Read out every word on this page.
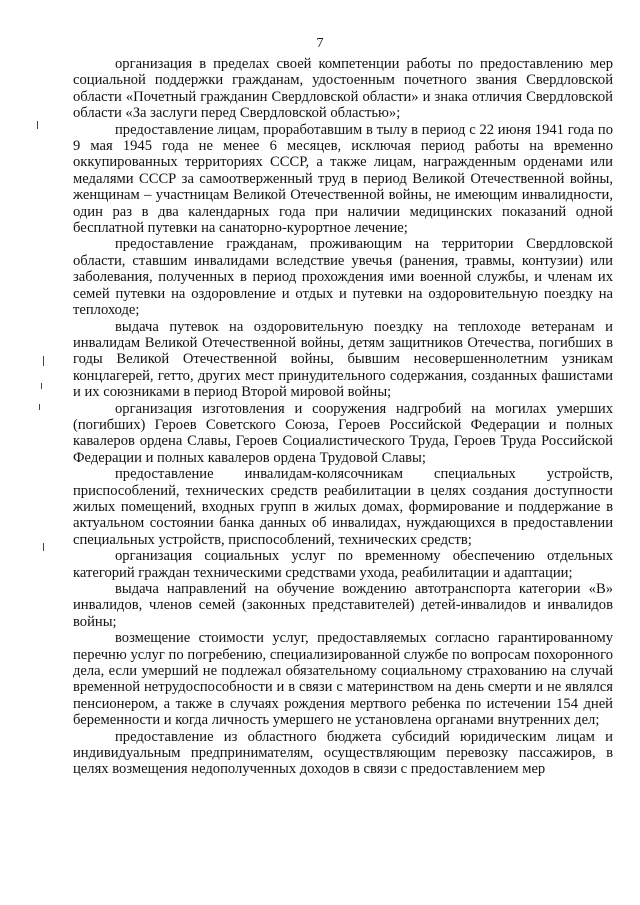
7

организация в пределах своей компетенции работы по предоставлению мер социальной поддержки гражданам, удостоенным почетного звания Свердловской области «Почетный гражданин Свердловской области» и знака отличия Свердловской области «За заслуги перед Свердловской областью»;

предоставление лицам, проработавшим в тылу в период с 22 июня 1941 года по 9 мая 1945 года не менее 6 месяцев, исключая период работы на временно оккупированных территориях СССР, а также лицам, награжденным орденами или медалями СССР за самоотверженный труд в период Великой Отечественной войны, женщинам – участницам Великой Отечественной войны, не имеющим инвалидности, один раз в два календарных года при наличии медицинских показаний одной бесплатной путевки на санаторно-курортное лечение;

предоставление гражданам, проживающим на территории Свердловской области, ставшим инвалидами вследствие увечья (ранения, травмы, контузии) или заболевания, полученных в период прохождения ими военной службы, и членам их семей путевки на оздоровление и отдых и путевки на оздоровительную поездку на теплоходе;

выдача путевок на оздоровительную поездку на теплоходе ветеранам и инвалидам Великой Отечественной войны, детям защитников Отечества, погибших в годы Великой Отечественной войны, бывшим несовершеннолетним узникам концлагерей, гетто, других мест принудительного содержания, созданных фашистами и их союзниками в период Второй мировой войны;

организация изготовления и сооружения надгробий на могилах умерших (погибших) Героев Советского Союза, Героев Российской Федерации и полных кавалеров ордена Славы, Героев Социалистического Труда, Героев Труда Российской Федерации и полных кавалеров ордена Трудовой Славы;

предоставление инвалидам-колясочникам специальных устройств, приспособлений, технических средств реабилитации в целях создания доступности жилых помещений, входных групп в жилых домах, формирование и поддержание в актуальном состоянии банка данных об инвалидах, нуждающихся в предоставлении специальных устройств, приспособлений, технических средств;

организация социальных услуг по временному обеспечению отдельных категорий граждан техническими средствами ухода, реабилитации и адаптации;

выдача направлений на обучение вождению автотранспорта категории «В» инвалидов, членов семей (законных представителей) детей-инвалидов и инвалидов войны;

возмещение стоимости услуг, предоставляемых согласно гарантированному перечню услуг по погребению, специализированной службе по вопросам похоронного дела, если умерший не подлежал обязательному социальному страхованию на случай временной нетрудоспособности и в связи с материнством на день смерти и не являлся пенсионером, а также в случаях рождения мертвого ребенка по истечении 154 дней беременности и когда личность умершего не установлена органами внутренних дел;

предоставление из областного бюджета субсидий юридическим лицам и индивидуальным предпринимателям, осуществляющим перевозку пассажиров, в целях возмещения недополученных доходов в связи с предоставлением мер
